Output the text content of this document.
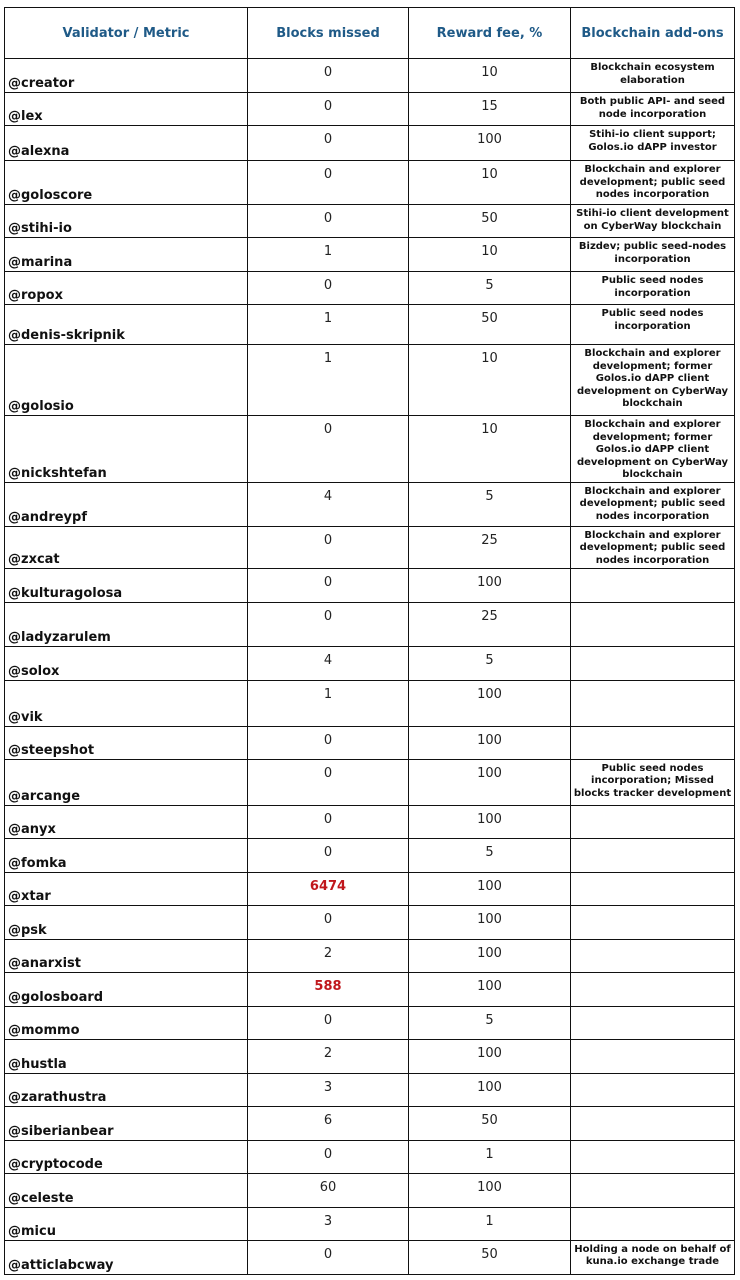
Validator / Metric	Blocks missed	Reward fee, %	Blockchain add-ons
@creator	0	10	Blockchain ecosystem elaboration
@lex	0	15	Both public API- and seed node incorporation
@alexna	0	100	Stihi-io client support; Golos.io dAPP investor
@goloscore	0	10	Blockchain and explorer development; public seed nodes incorporation
@stihi-io	0	50	Stihi-io client development on CyberWay blockchain
@marina	1	10	Bizdev; public seed-nodes incorporation
@ropox	0	5	Public seed nodes incorporation
@denis-skripnik	1	50	Public seed nodes incorporation
@golosio	1	10	Blockchain and explorer development; former Golos.io dAPP client development on CyberWay blockchain
@nickshtefan	0	10	Blockchain and explorer development; former Golos.io dAPP client development on CyberWay blockchain
@andreypf	4	5	Blockchain and explorer development; public seed nodes incorporation
@zxcat	0	25	Blockchain and explorer development; public seed nodes incorporation
@kulturagolosa	0	100	
@ladyzarulem	0	25	
@solox	4	5	
@vik	1	100	
@steepshot	0	100	
@arcange	0	100	Public seed nodes incorporation; Missed blocks tracker development
@anyx	0	100	
@fomka	0	5	
@xtar	6474	100	
@psk	0	100	
@anarxist	2	100	
@golosboard	588	100	
@mommo	0	5	
@hustla	2	100	
@zarathustra	3	100	
@siberianbear	6	50	
@cryptocode	0	1	
@celeste	60	100	
@micu	3	1	
@atticlabcway	0	50	Holding a node on behalf of kuna.io exchange trade
